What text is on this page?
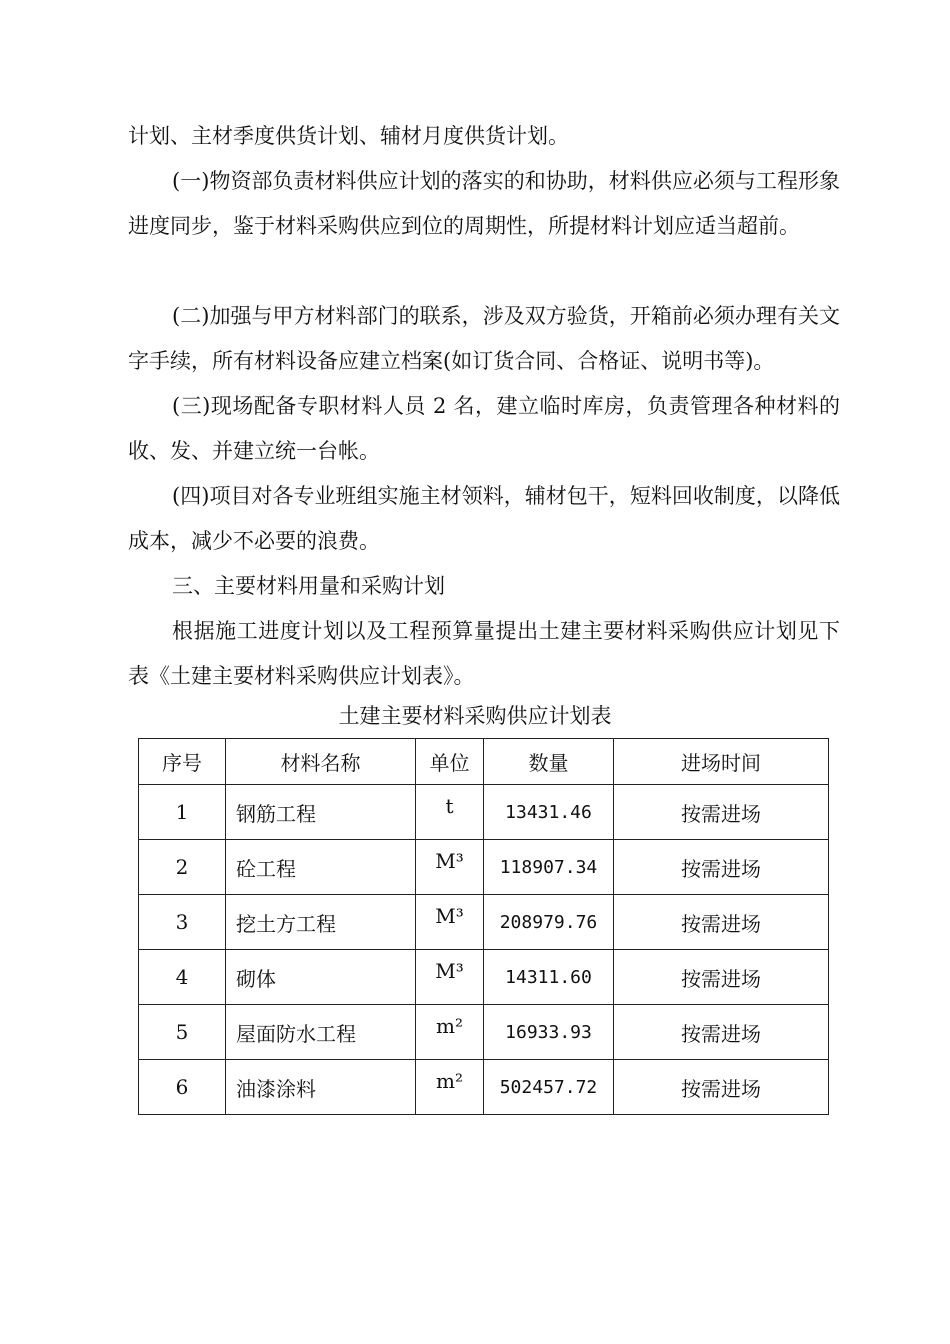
计划、主材季度供货计划、辅材月度供货计划。

(一)物资部负责材料供应计划的落实的和协助，材料供应必须与工程形象进度同步，鉴于材料采购供应到位的周期性，所提材料计划应适当超前。

(二)加强与甲方材料部门的联系，涉及双方验货，开箱前必须办理有关文字手续，所有材料设备应建立档案(如订货合同、合格证、说明书等)。

(三)现场配备专职材料人员 2 名，建立临时库房，负责管理各种材料的收、发、并建立统一台帐。

(四)项目对各专业班组实施主材领料，辅材包干，短料回收制度，以降低成本，减少不必要的浪费。

三、主要材料用量和采购计划

根据施工进度计划以及工程预算量提出土建主要材料采购供应计划见下表《土建主要材料采购供应计划表》。

土建主要材料采购供应计划表

序号	材料名称	单位	数量	进场时间
1	钢筋工程	t	13431.46	按需进场
2	砼工程	M³	118907.34	按需进场
3	挖土方工程	M³	208979.76	按需进场
4	砌体	M³	14311.60	按需进场
5	屋面防水工程	m²	16933.93	按需进场
6	油漆涂料	m²	502457.72	按需进场
